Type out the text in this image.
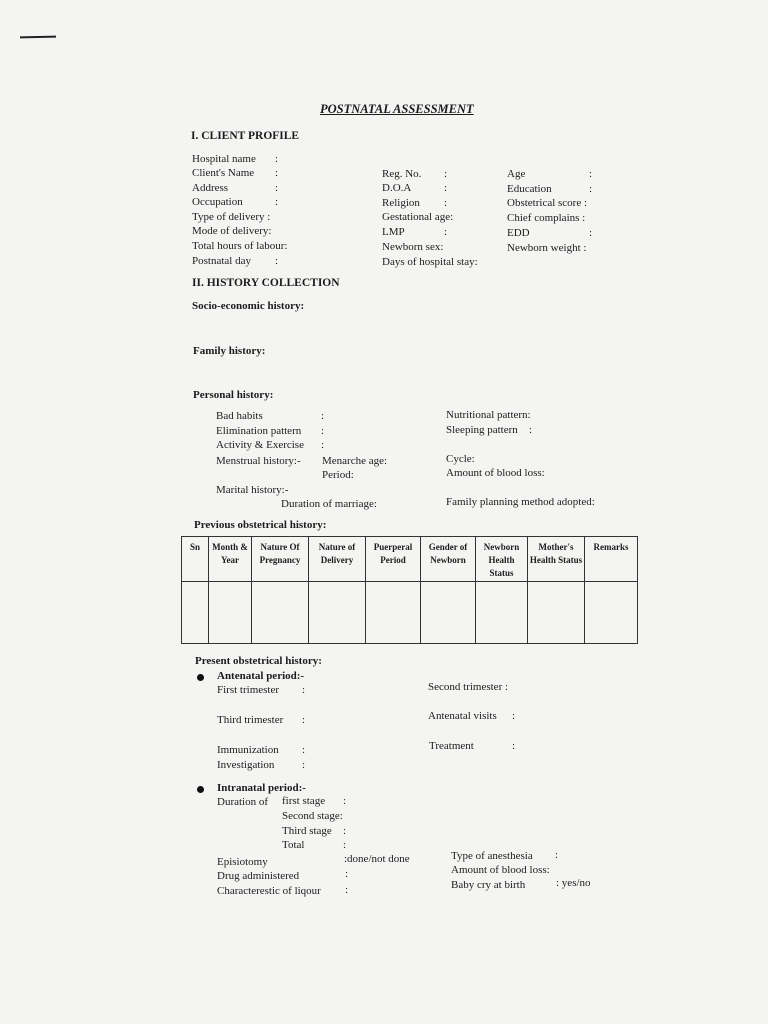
POSTNATAL ASSESSMENT
I. CLIENT PROFILE
Hospital name :
Client's Name :
Address	:
Occupation	:
Type of delivery :
Mode of delivery:
Total hours of labour:
Postnatal day :
Reg. No. :
D.O.A	:
Religion :
Gestational age:
LMP	:
Newborn sex:
Days of hospital stay:
Age	:
Education	:
Obstetrical score :
Chief complains :
EDD	:
Newborn weight :
II. HISTORY COLLECTION
Socio-economic history:
Family history:
Personal history:
Bad habits	:
Elimination pattern :
Activity & Exercise :
Menstrual history:- Menarche age:
Period:
Marital history:-
Duration of marriage:
Nutritional pattern:
Sleeping pattern :
Cycle:
Amount of blood loss:
Family planning method adopted:
Previous obstetrical history:
Sn	Month & Year	Nature Of Pregnancy	Nature of Delivery	Puerperal Period	Gender of Newborn	Newborn Health Status	Mother's Health Status	Remarks

Present obstetrical history:
Antenatal period:-
First trimester :	Second trimester :
Third trimester :	Antenatal visits :
Immunization :	Treatment	:
Investigation	:
Intranatal period:-
Duration of first stage :
Second stage:
Third stage :
Total	:
Episiotomy	:done/not done
Drug administered	:
Characterestic of liqour :
Type of anesthesia :
Amount of blood loss:
Baby cry at birth	: yes/no
